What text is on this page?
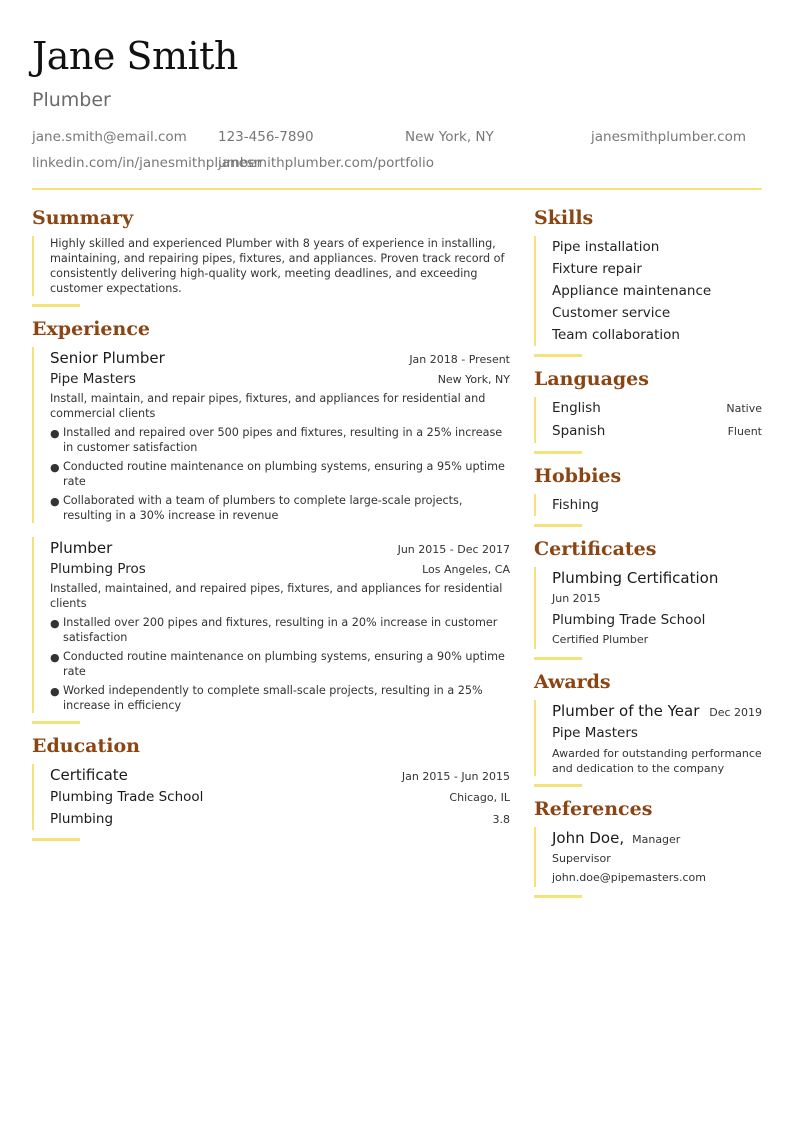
Jane Smith
Plumber
jane.smith@email.com 123-456-7890	New York, NY	janesmithplumber.com
linkedin.com/in/janesmithplumber
janesmithplumber.com/portfolio
Summary
Highly skilled and experienced Plumber with 8 years of experience in installing, maintaining, and repairing pipes, fixtures, and appliances. Proven track record of consistently delivering high-quality work, meeting deadlines, and exceeding customer expectations.
Experience
Senior Plumber	Jan 2018 - Present
Pipe Masters	New York, NY
Install, maintain, and repair pipes, fixtures, and appliances for residential and commercial clients
● Installed and repaired over 500 pipes and fixtures, resulting in a 25% increase in customer satisfaction
● Conducted routine maintenance on plumbing systems, ensuring a 95% uptime rate
● Collaborated with a team of plumbers to complete large-scale projects, resulting in a 30% increase in revenue
Plumber	Jun 2015 - Dec 2017
Plumbing Pros	Los Angeles, CA
Installed, maintained, and repaired pipes, fixtures, and appliances for residential clients
● Installed over 200 pipes and fixtures, resulting in a 20% increase in customer satisfaction
● Conducted routine maintenance on plumbing systems, ensuring a 90% uptime rate
● Worked independently to complete small-scale projects, resulting in a 25% increase in efficiency
Education
Certificate	Jan 2015 - Jun 2015
Plumbing Trade School	Chicago, IL
Plumbing	3.8
Skills
Pipe installation
Fixture repair
Appliance maintenance
Customer service
Team collaboration
Languages
English	Native
Spanish	Fluent
Hobbies
Fishing
Certificates
Plumbing Certification
Jun 2015
Plumbing Trade School
Certified Plumber
Awards
Plumber of the Year Dec 2019
Pipe Masters
Awarded for outstanding performance and dedication to the company
References
John Doe, Manager
Supervisor
john.doe@pipemasters.com
